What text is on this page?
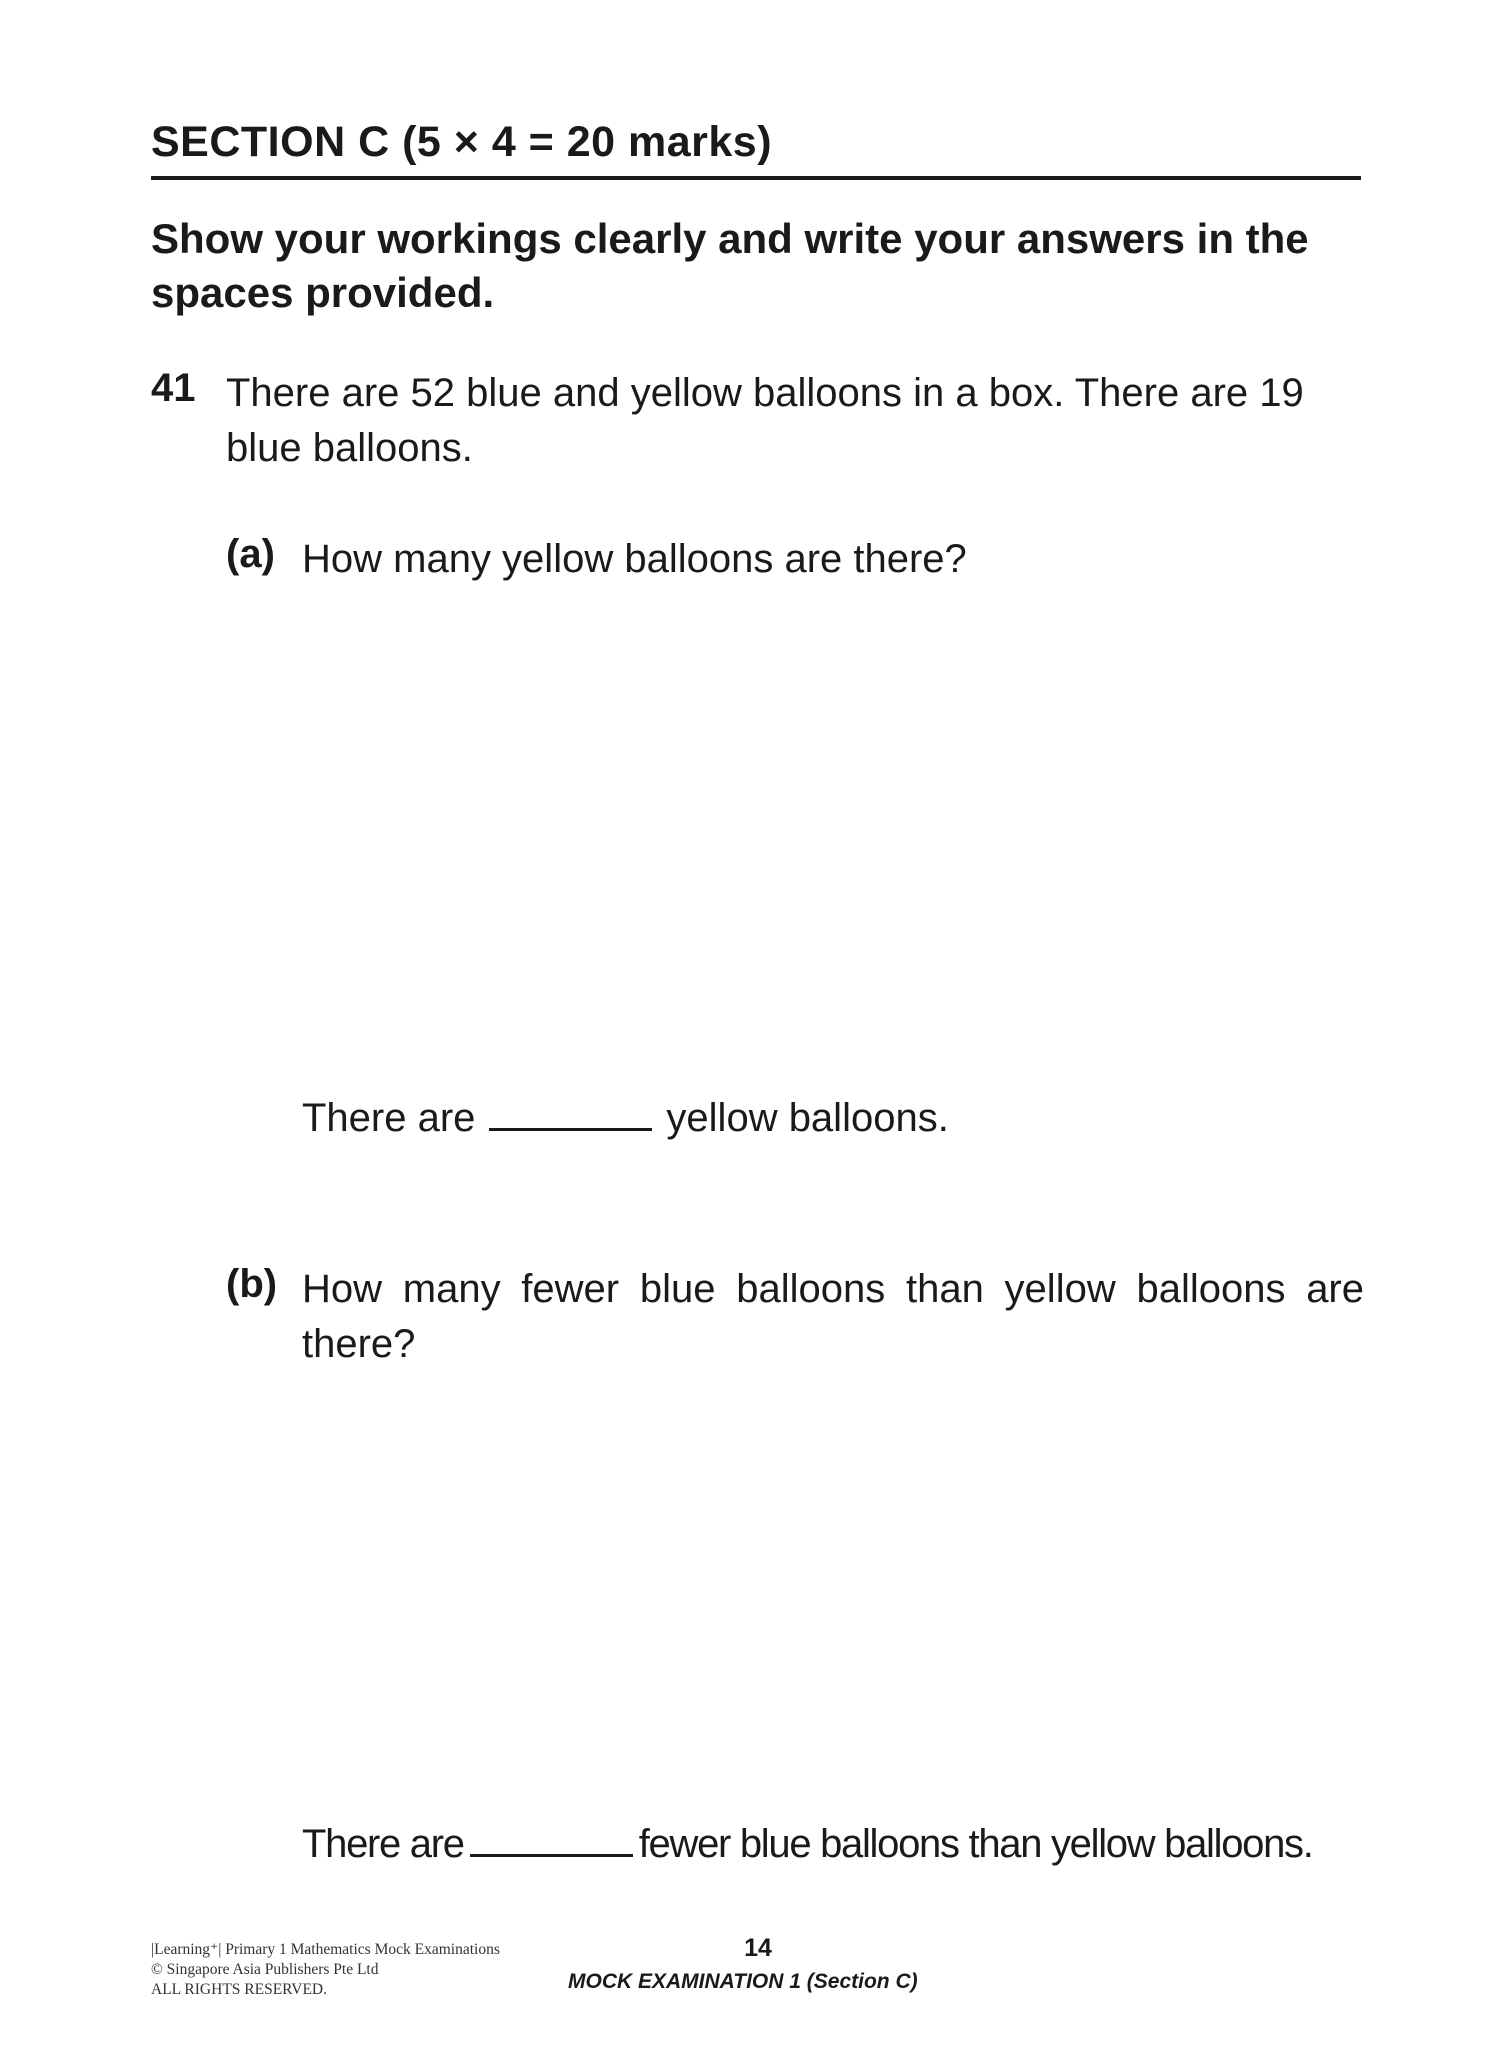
SECTION C (5 × 4 = 20 marks)
Show your workings clearly and write your answers in the spaces provided.
41 There are 52 blue and yellow balloons in a box. There are 19 blue balloons.
(a) How many yellow balloons are there?
There are	yellow balloons.
(b) How many fewer blue balloons than yellow balloons are there?
There are	fewer blue balloons than yellow balloons.
|Learning⁺| Primary 1 Mathematics Mock Examinations
© Singapore Asia Publishers Pte Ltd
ALL RIGHTS RESERVED.
14
MOCK EXAMINATION 1 (Section C)
